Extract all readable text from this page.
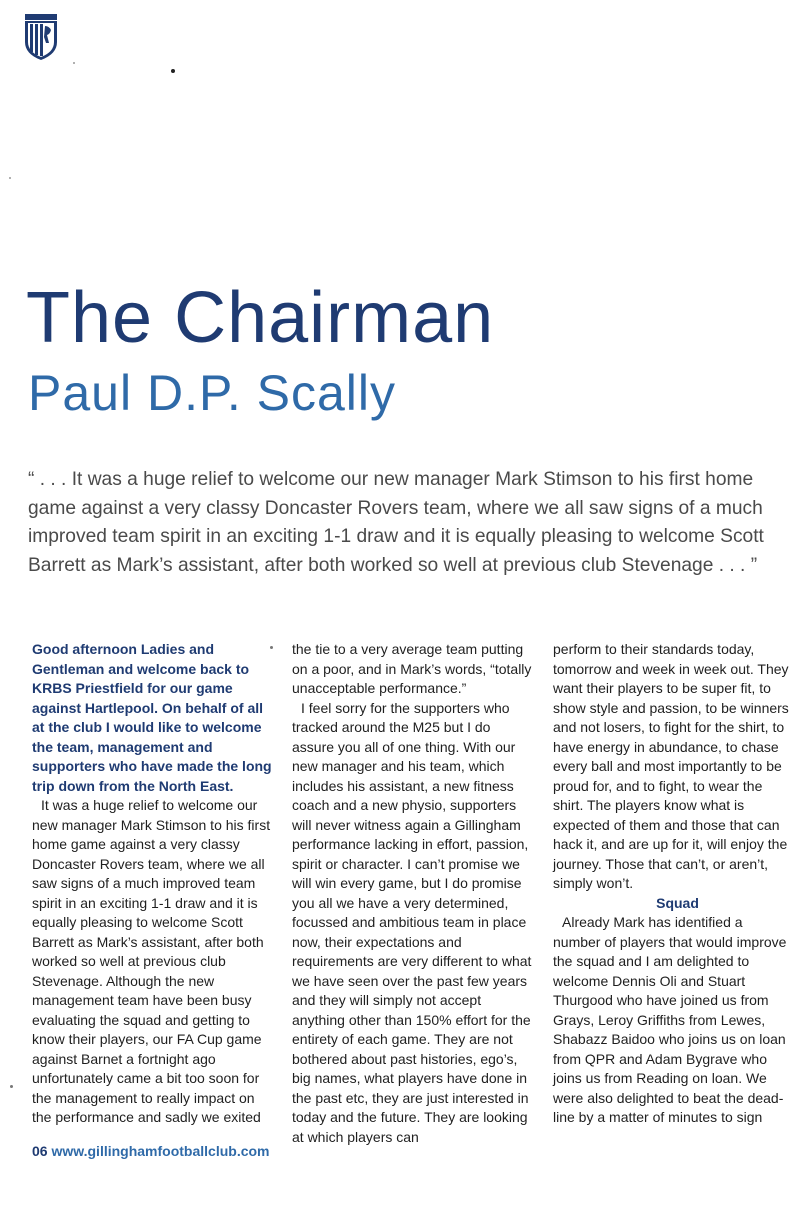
The Chairman
Paul D.P. Scally

“ . . . It was a huge relief to welcome our new manager Mark Stimson to his first home game against a very classy Doncaster Rovers team, where we all saw signs of a much improved team spirit in an exciting 1-1 draw and it is equally pleasing to welcome Scott Barrett as Mark’s assistant, after both worked so well at previous club Stevenage . . . ”

Good afternoon Ladies and Gentleman and welcome back to KRBS Priestfield for our game against Hartlepool. On behalf of all at the club I would like to welcome the team, management and supporters who have made the long trip down from the North East.

It was a huge relief to welcome our new manager Mark Stimson to his first home game against a very classy Doncaster Rovers team, where we all saw signs of a much improved team spirit in an exciting 1-1 draw and it is equally pleasing to welcome Scott Barrett as Mark’s assistant, after both worked so well at previous club Stevenage. Although the new management team have been busy evaluating the squad and getting to know their players, our FA Cup game against Barnet a fortnight ago unfortunately came a bit too soon for the management to really impact on the performance and sadly we exited

the tie to a very average team putting on a poor, and in Mark’s words, “totally unacceptable performance.”

I feel sorry for the supporters who tracked around the M25 but I do assure you all of one thing. With our new manager and his team, which includes his assistant, a new fitness coach and a new physio, supporters will never witness again a Gillingham performance lacking in effort, passion, spirit or character. I can’t promise we will win every game, but I do promise you all we have a very determined, focussed and ambitious team in place now, their expectations and requirements are very different to what we have seen over the past few years and they will simply not accept anything other than 150% effort for the entirety of each game. They are not bothered about past histories, ego’s, big names, what players have done in the past etc, they are just interested in today and the future. They are looking at which players can

perform to their standards today, tomorrow and week in week out. They want their players to be super fit, to show style and passion, to be winners and not losers, to fight for the shirt, to have energy in abundance, to chase every ball and most importantly to be proud for, and to fight, to wear the shirt. The players know what is expected of them and those that can hack it, and are up for it, will enjoy the journey. Those that can’t, or aren’t, simply won’t.

Squad

Already Mark has identified a number of players that would improve the squad and I am delighted to welcome Dennis Oli and Stuart Thurgood who have joined us from Grays, Leroy Griffiths from Lewes, Shabazz Baidoo who joins us on loan from QPR and Adam Bygrave who joins us from Reading on loan. We were also delighted to beat the dead-line by a matter of minutes to sign

06 www.gillinghamfootballclub.com
